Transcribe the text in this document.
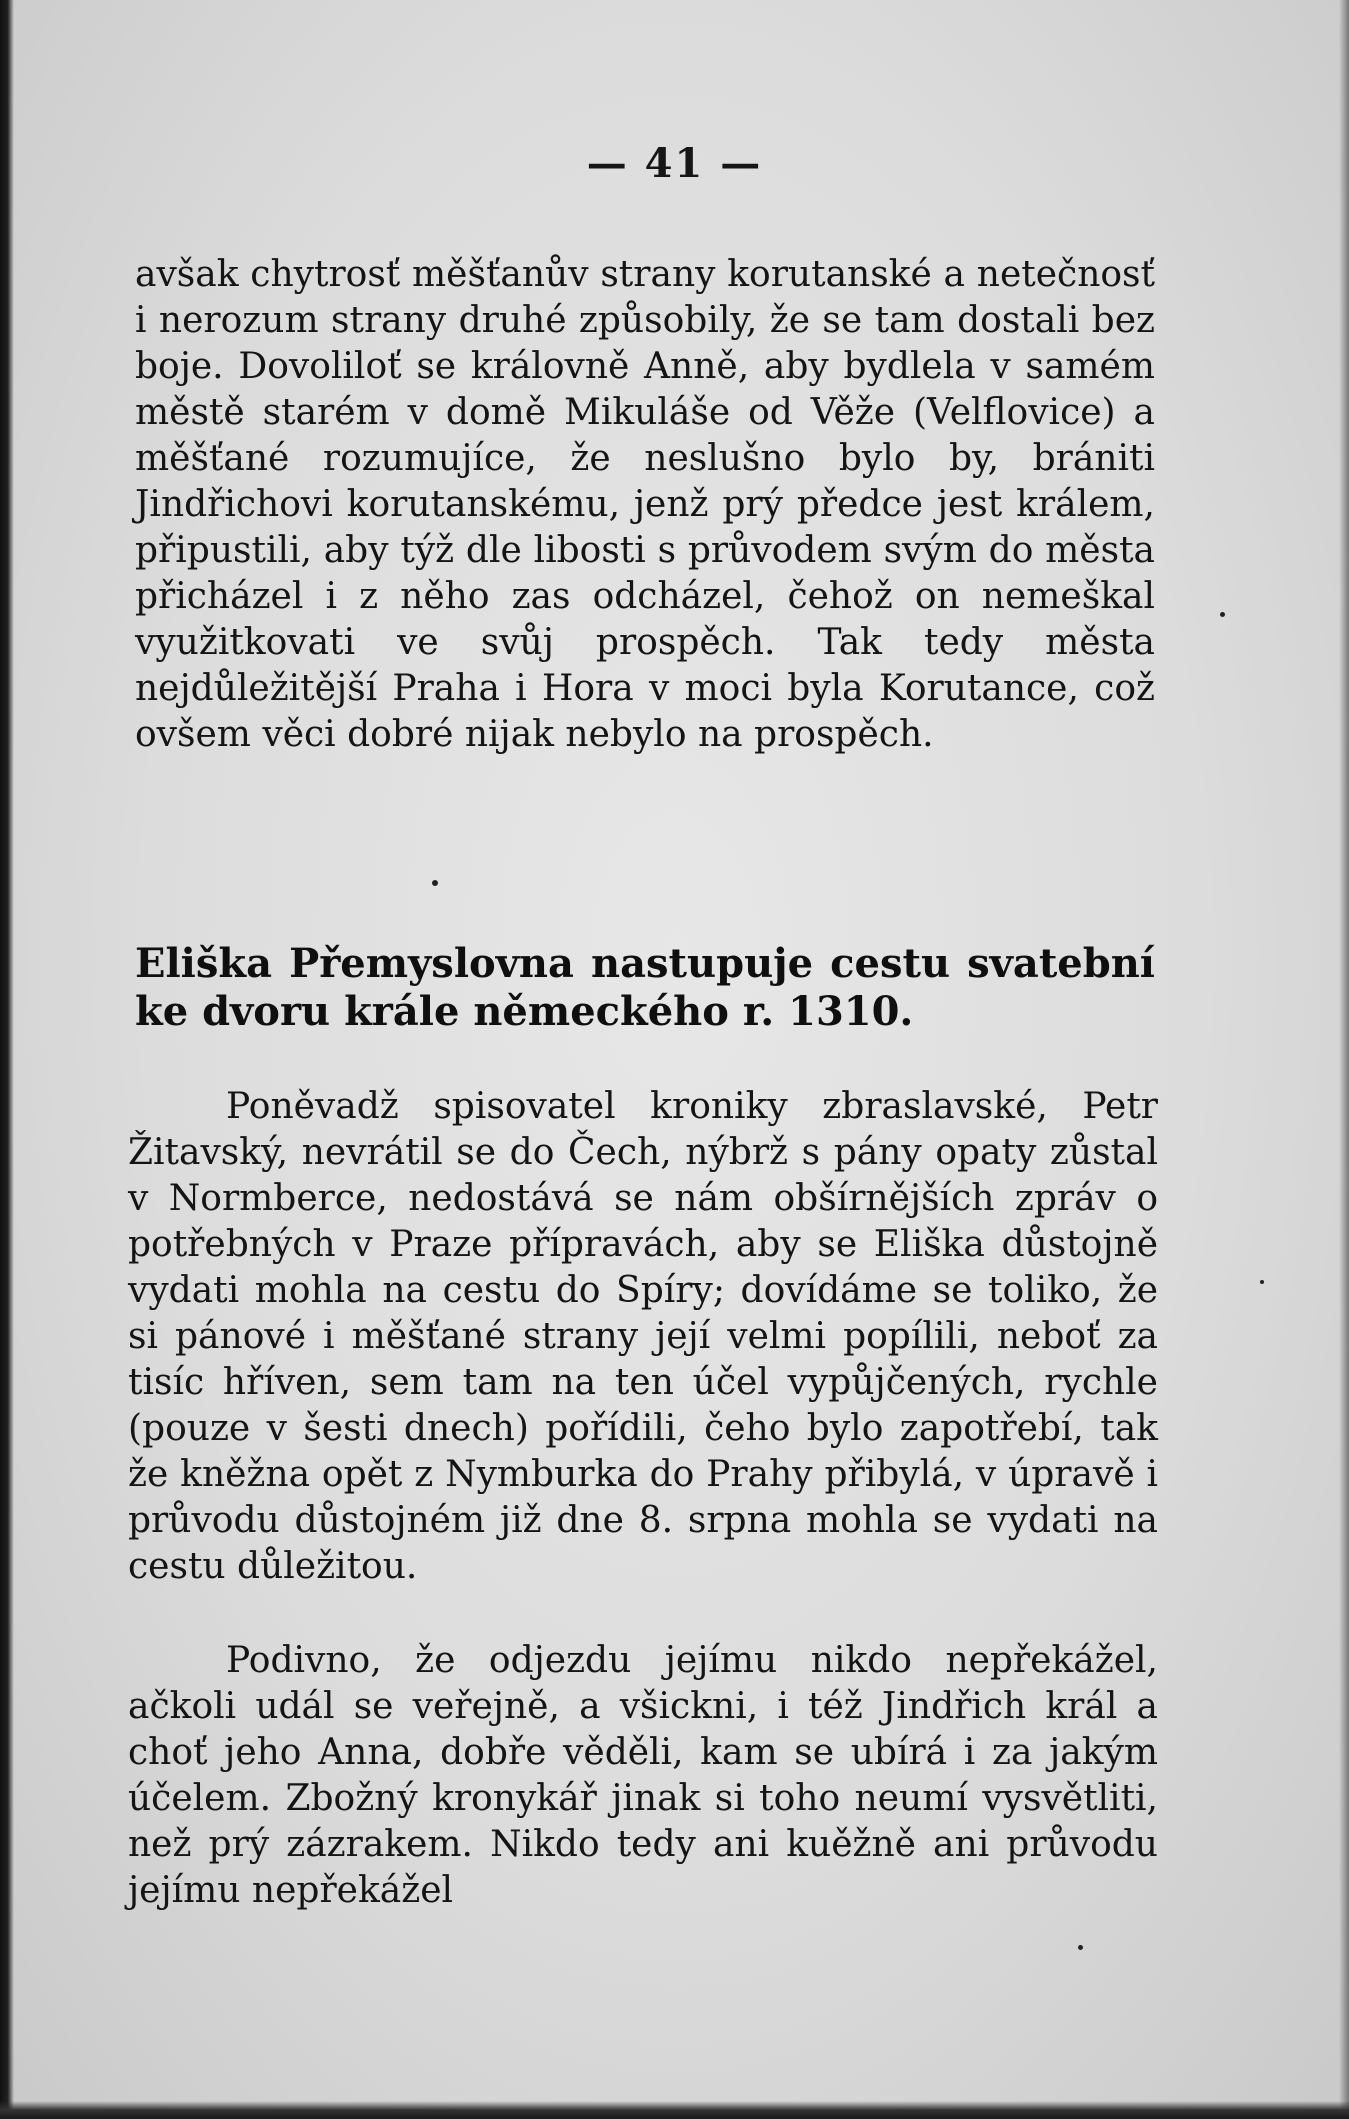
— 41 —

avšak chytrosť měšťanův strany korutanské a netečnosť i nerozum strany druhé způsobily, že se tam dostali bez boje. Dovoliloť se královně Anně, aby bydlela v samém městě starém v domě Mikuláše od Věže (Velflovice) a měšťané rozumujíce, že neslušno bylo by, brániti Jindřichovi korutanskému, jenž prý předce jest králem, připustili, aby týž dle libosti s průvodem svým do města přicházel i z něho zas odcházel, čehož on nemeškal využitkovati ve svůj prospěch. Tak tedy města nejdůležitější Praha i Hora v moci byla Korutance, což ovšem věci dobré nijak nebylo na prospěch.

Eliška Přemyslovna nastupuje cestu svatební ke dvoru krále německého r. 1310.

Poněvadž spisovatel kroniky zbraslavské, Petr Žitavský, nevrátil se do Čech, nýbrž s pány opaty zůstal v Normberce, nedostává se nám obšírnějších zpráv o potřebných v Praze přípravách, aby se Eliška důstojně vydati mohla na cestu do Spíry; dovídáme se toliko, že si pánové i měšťané strany její velmi popílili, neboť za tisíc hříven, sem tam na ten účel vypůjčených, rychle (pouze v šesti dnech) pořídili, čeho bylo zapotřebí, tak že kněžna opět z Nymburka do Prahy přibylá, v úpravě i průvodu důstojném již dne 8. srpna mohla se vydati na cestu důležitou.

Podivno, že odjezdu jejímu nikdo nepřekážel, ačkoli udál se veřejně, a všickni, i též Jindřich král a choť jeho Anna, dobře věděli, kam se ubírá i za jakým účelem. Zbožný kronykář jinak si toho neumí vysvětliti, než prý zázrakem. Nikdo tedy ani kuěžně ani průvodu jejímu nepřekážel
